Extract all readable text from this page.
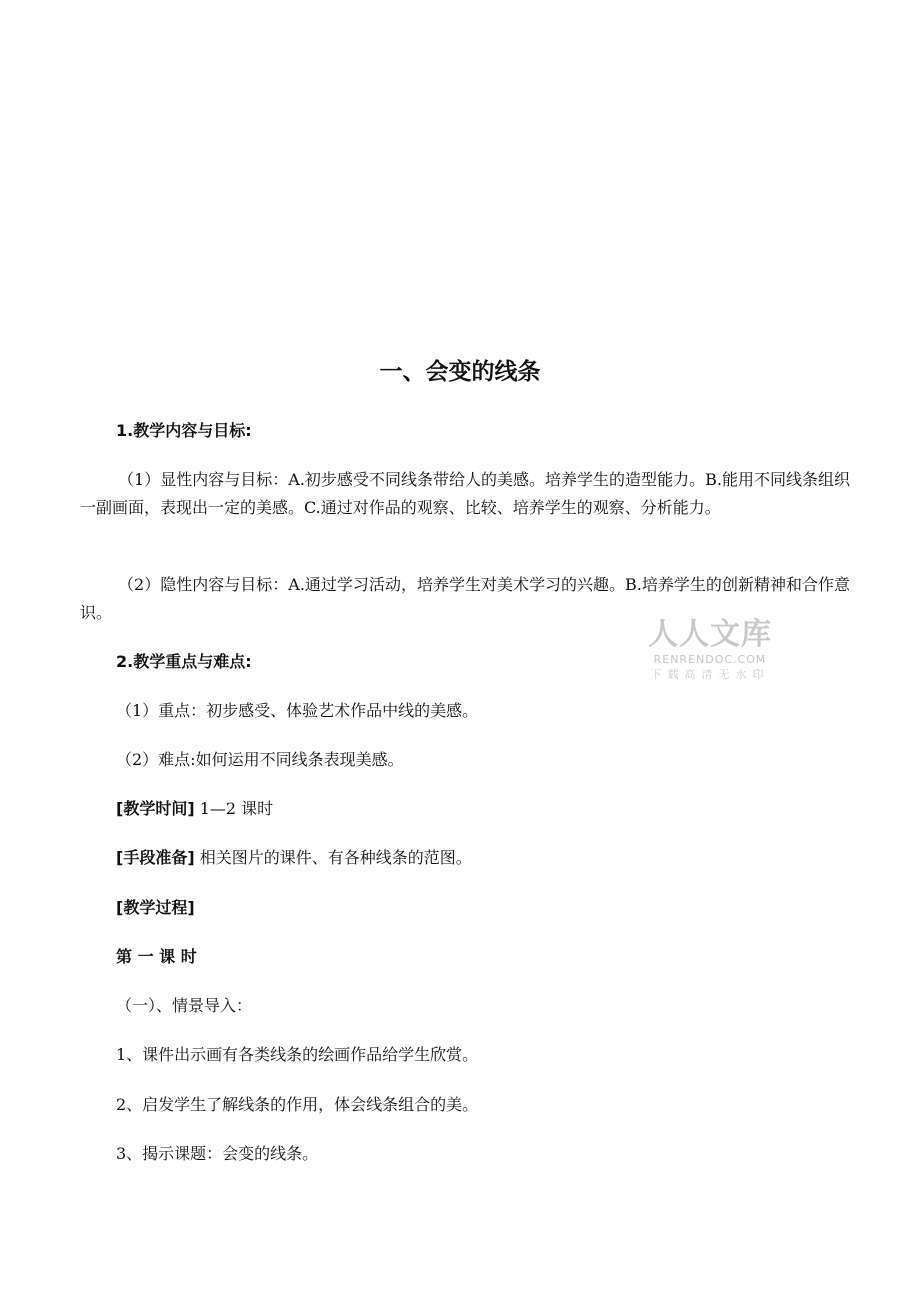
一、会变的线条
1.教学内容与目标:
（1）显性内容与目标：A.初步感受不同线条带给人的美感。培养学生的造型能力。B.能用不同线条组织一副画面，表现出一定的美感。C.通过对作品的观察、比较、培养学生的观察、分析能力。
（2）隐性内容与目标：A.通过学习活动，培养学生对美术学习的兴趣。B.培养学生的创新精神和合作意识。
人人文库
RENRENDOC.COM
下载高清无水印
2.教学重点与难点:
（1）重点：初步感受、体验艺术作品中线的美感。
（2）难点:如何运用不同线条表现美感。
[教学时间] 1—2 课时
[手段准备] 相关图片的课件、有各种线条的范图。
[教学过程]
第 一 课 时
（一）、情景导入：
1、课件出示画有各类线条的绘画作品给学生欣赏。
2、启发学生了解线条的作用，体会线条组合的美。
3、揭示课题：会变的线条。
